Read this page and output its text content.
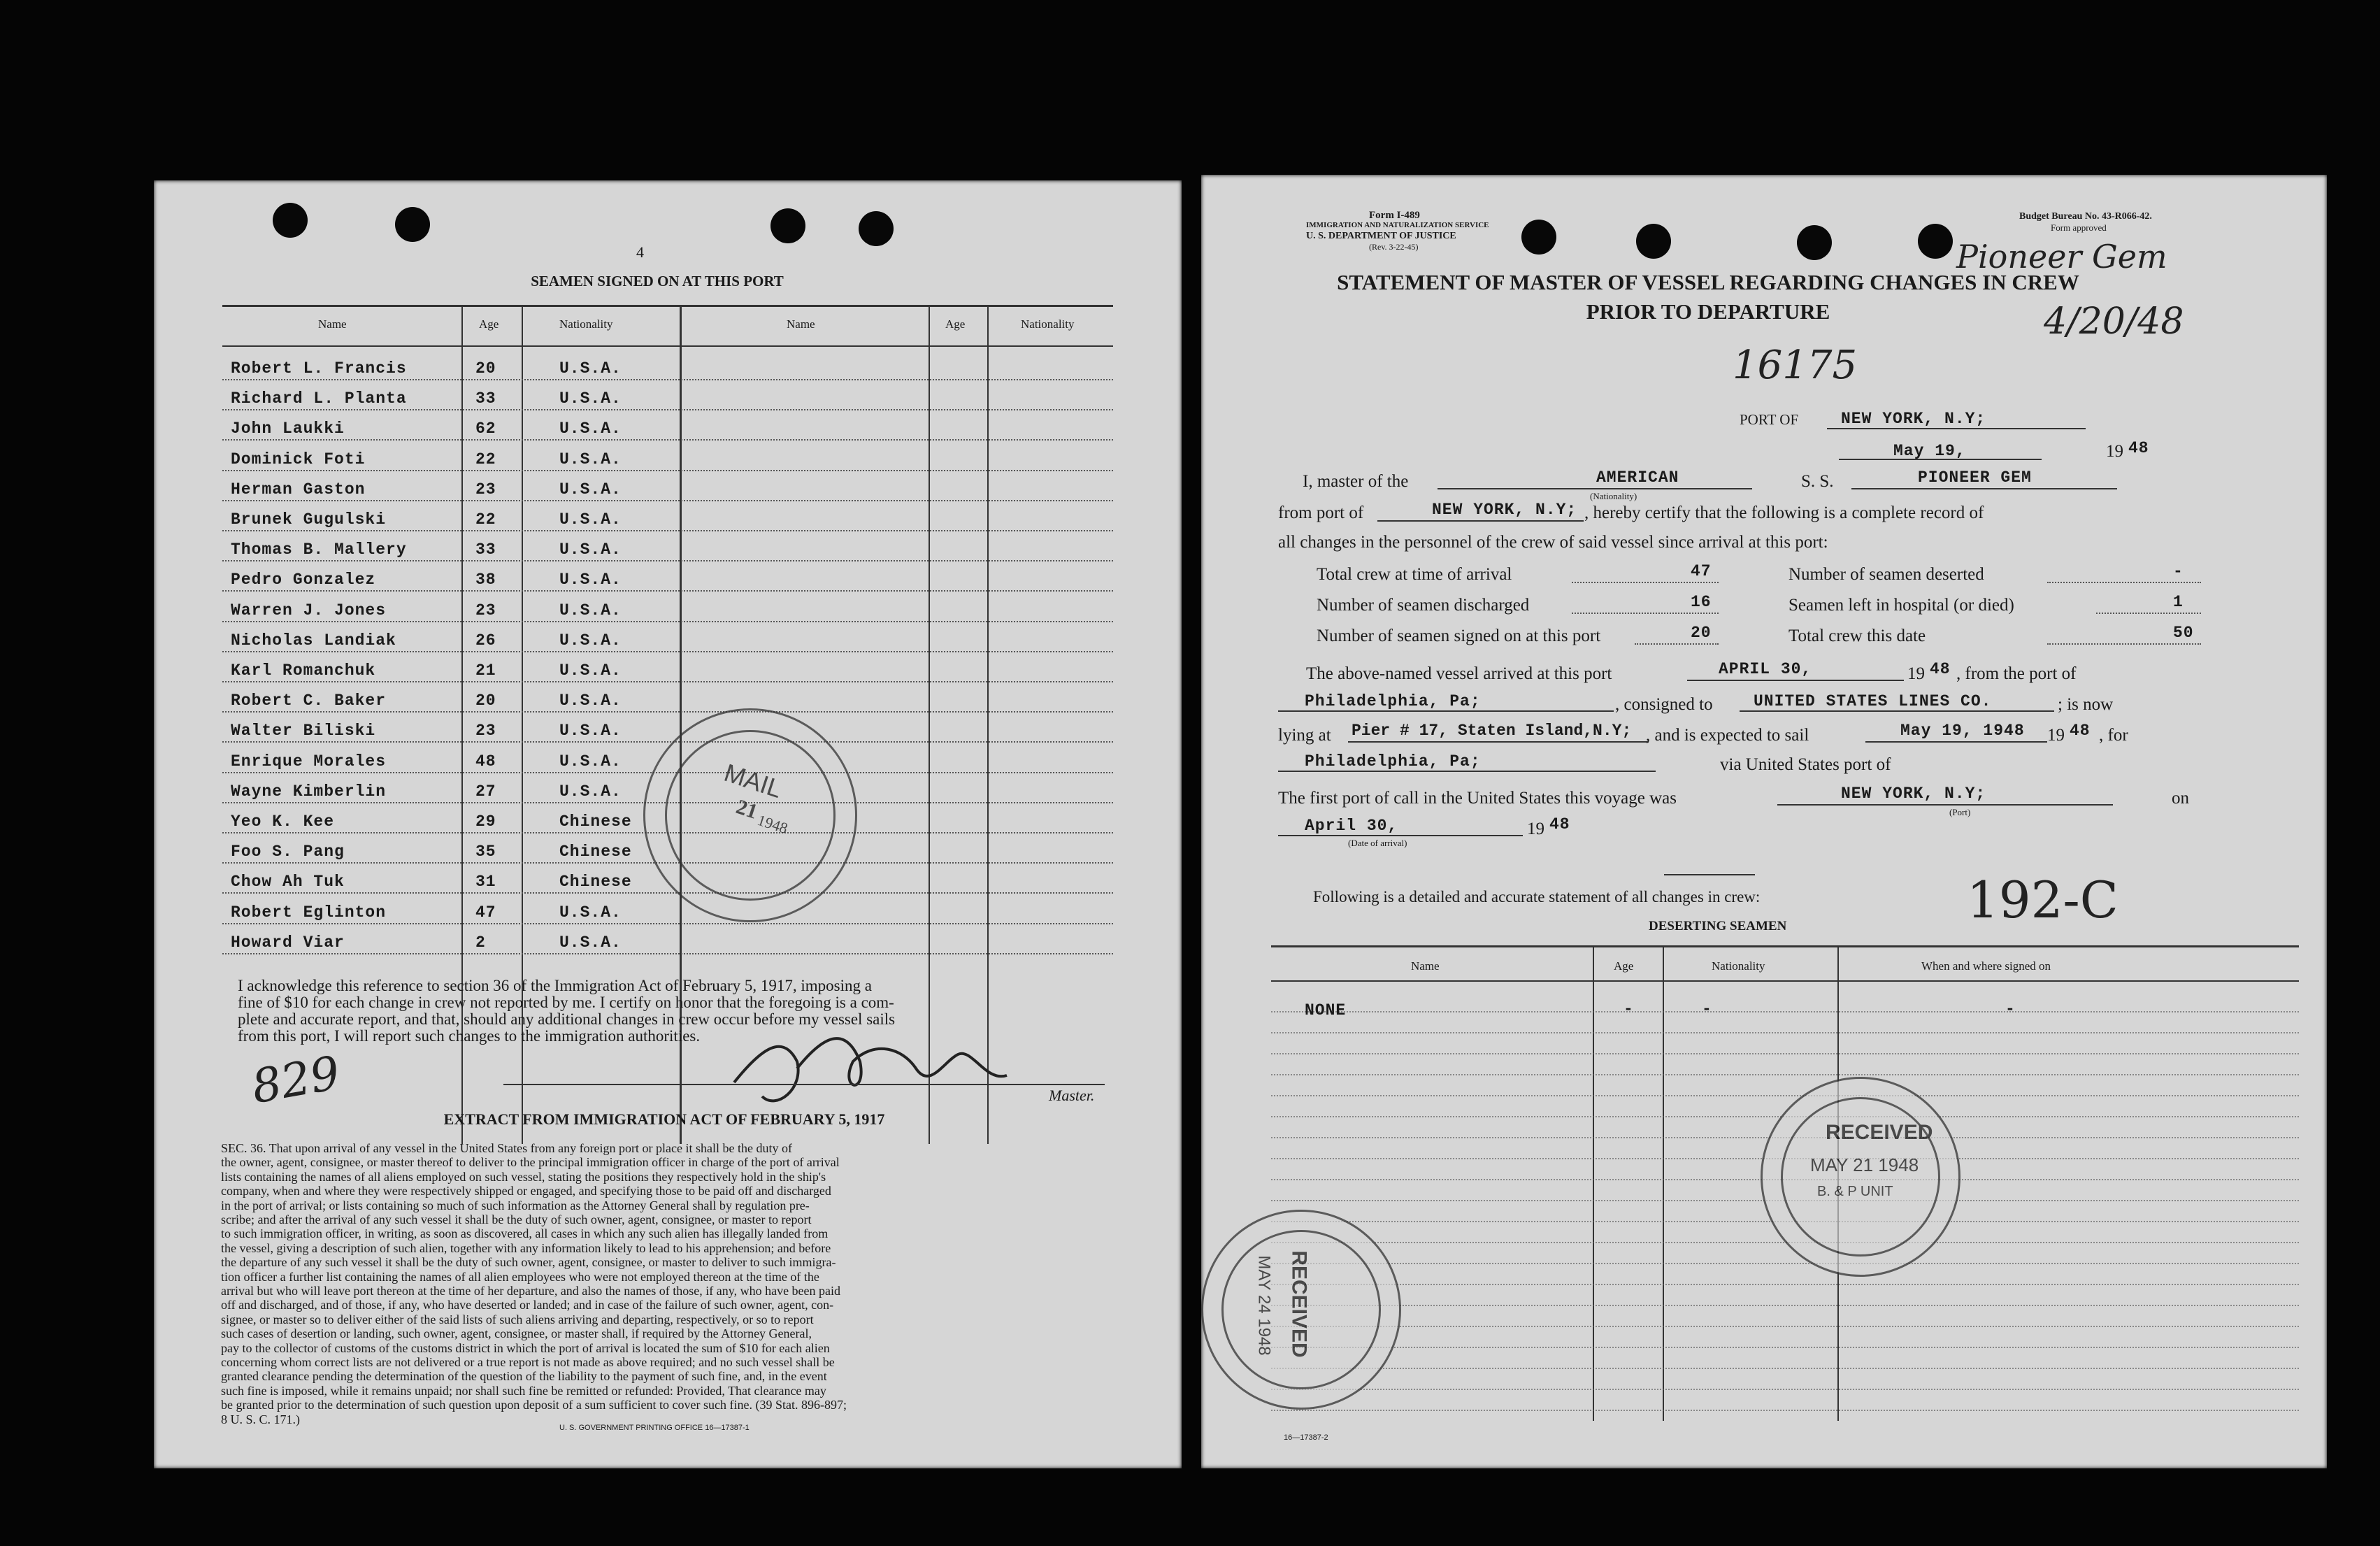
4
SEAMEN SIGNED ON AT THIS PORT
Name	Age	Nationality	Name	Age	Nationality
Robert L. Francis	20	U.S.A.
Richard L. Planta	33	U.S.A.
John Laukki	62	U.S.A.
Dominick Foti	22	U.S.A.
Herman Gaston	23	U.S.A.
Brunek Gugulski	22	U.S.A.
Thomas B. Mallery	33	U.S.A.
Pedro Gonzalez	38	U.S.A.
Warren J. Jones	23	U.S.A.
Nicholas Landiak	26	U.S.A.
Karl Romanchuk	21	U.S.A.
Robert C. Baker	20	U.S.A.
Walter Biliski	23	U.S.A.
Enrique Morales	48	U.S.A.
Wayne Kimberlin	27	U.S.A.
Yeo K. Kee	29	Chinese
Foo S. Pang	35	Chinese
Chow Ah Tuk	31	Chinese
Robert Eglinton	47	U.S.A.
Howard Viar	2	U.S.A.
MAIL
21
1948
I acknowledge this reference to section 36 of the Immigration Act of February 5, 1917, imposing a
fine of $10 for each change in crew not reported by me. I certify on honor that the foregoing is a com-
plete and accurate report, and that, should any additional changes in crew occur before my vessel sails
from this port, I will report such changes to the immigration authorities.
Master.
829
EXTRACT FROM IMMIGRATION ACT OF FEBRUARY 5, 1917
SEC. 36. That upon arrival of any vessel in the United States from any foreign port or place it shall be the duty of
the owner, agent, consignee, or master thereof to deliver to the principal immigration officer in charge of the port of arrival
lists containing the names of all aliens employed on such vessel, stating the positions they respectively hold in the ship's
company, when and where they were respectively shipped or engaged, and specifying those to be paid off and discharged
in the port of arrival; or lists containing so much of such information as the Attorney General shall by regulation pre-
scribe; and after the arrival of any such vessel it shall be the duty of such owner, agent, consignee, or master to report
to such immigration officer, in writing, as soon as discovered, all cases in which any such alien has illegally landed from
the vessel, giving a description of such alien, together with any information likely to lead to his apprehension; and before
the departure of any such vessel it shall be the duty of such owner, agent, consignee, or master to deliver to such immigra-
tion officer a further list containing the names of all alien employees who were not employed thereon at the time of the
arrival but who will leave port thereon at the time of her departure, and also the names of those, if any, who have been paid
off and discharged, and of those, if any, who have deserted or landed; and in case of the failure of such owner, agent, con-
signee, or master so to deliver either of the said lists of such aliens arriving and departing, respectively, or so to report
such cases of desertion or landing, such owner, agent, consignee, or master shall, if required by the Attorney General,
pay to the collector of customs of the customs district in which the port of arrival is located the sum of $10 for each alien
concerning whom correct lists are not delivered or a true report is not made as above required; and no such vessel shall be
granted clearance pending the determination of the question of the liability to the payment of such fine, and, in the event
such fine is imposed, while it remains unpaid; nor shall such fine be remitted or refunded: Provided, That clearance may
be granted prior to the determination of such question upon deposit of a sum sufficient to cover such fine. (39 Stat. 896-897;
8 U. S. C. 171.)
U. S. GOVERNMENT PRINTING OFFICE 16—17387-1
Form I-489
IMMIGRATION AND NATURALIZATION SERVICE
U. S. DEPARTMENT OF JUSTICE
(Rev. 3-22-45)
Budget Bureau No. 43-R066-42.
Form approved
Pioneer Gem
4/20/48
STATEMENT OF MASTER OF VESSEL REGARDING CHANGES IN CREW
PRIOR TO DEPARTURE
16175
PORT OF	NEW YORK, N.Y;
May 19,	19 48
I, master of the	AMERICAN
(Nationality)
S. S.	PIONEER GEM
from port of	NEW YORK, N.Y; , hereby certify that the following is a complete record of
all changes in the personnel of the crew of said vessel since arrival at this port:
Total crew at time of arrival	47
Number of seamen discharged	16
Number of seamen signed on at this port	20
Number of seamen deserted	-
Seamen left in hospital (or died)	1
Total crew this date	50
The above-named vessel arrived at this port	APRIL 30,	19 48 , from the port of
Philadelphia, Pa;	, consigned to	UNITED STATES LINES CO.	; is now
lying at Pier # 17, Staten Island,N.Y; , and is expected to sail	May 19, 1948 19 48 , for
Philadelphia, Pa;	via United States port of
The first port of call in the United States this voyage was	NEW YORK, N.Y;
(Port)
on
April 30,
(Date of arrival)
19 48
Following is a detailed and accurate statement of all changes in crew:	192-C
DESERTING SEAMEN
Name	Age	Nationality	When and where signed on
NONE	-	-	-
RECEIVED
MAY 21 1948
B. & P UNIT
RECEIVED
MAY 24 1948
16—17387-2
